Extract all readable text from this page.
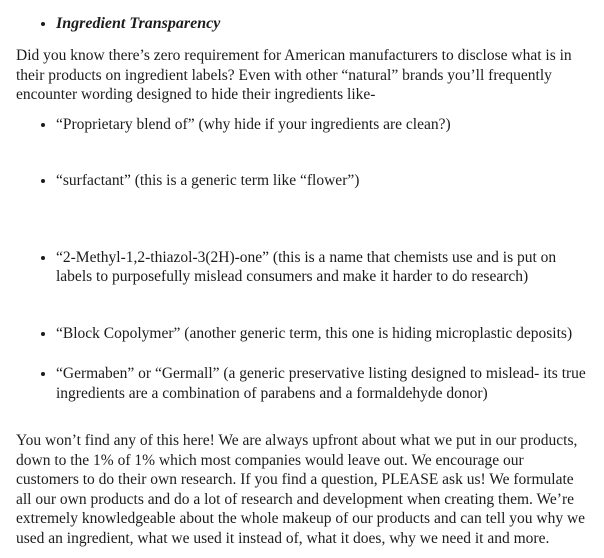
• Ingredient Transparency

Did you know there’s zero requirement for American manufacturers to disclose what is in their products on ingredient labels? Even with other “natural” brands you’ll frequently encounter wording designed to hide their ingredients like-

• “Proprietary blend of” (why hide if your ingredients are clean?)
• “surfactant” (this is a generic term like “flower”)
• “2-Methyl-1,2-thiazol-3(2H)-one” (this is a name that chemists use and is put on labels to purposefully mislead consumers and make it harder to do research)
• “Block Copolymer” (another generic term, this one is hiding microplastic deposits)
• “Germaben” or “Germall” (a generic preservative listing designed to mislead- its true ingredients are a combination of parabens and a formaldehyde donor)

You won’t find any of this here! We are always upfront about what we put in our products, down to the 1% of 1% which most companies would leave out. We encourage our customers to do their own research. If you find a question, PLEASE ask us! We formulate all our own products and do a lot of research and development when creating them. We’re extremely knowledgeable about the whole makeup of our products and can tell you why we used an ingredient, what we used it instead of, what it does, why we need it and more.
